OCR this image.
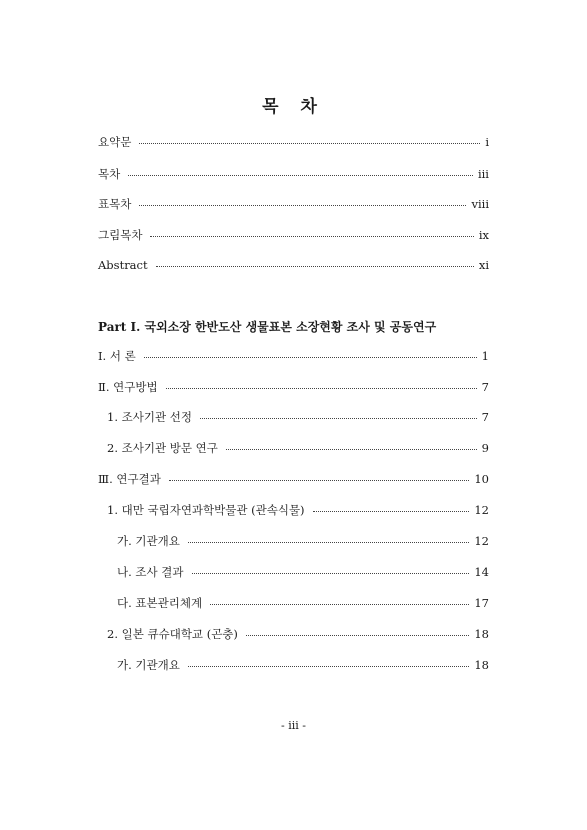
목 차
요약문	i
목차	iii
표목차	viii
그림목차	ix
Abstract	xi
Part Ⅰ. 국외소장 한반도산 생물표본 소장현황 조사 및 공동연구
Ⅰ. 서 론	1
Ⅱ. 연구방법	7
1. 조사기관 선정	7
2. 조사기관 방문 연구	9
Ⅲ. 연구결과	10
1. 대만 국립자연과학박물관 (관속식물)	12
가. 기관개요	12
나. 조사 결과	14
다. 표본관리체계	17
2. 일본 큐슈대학교 (곤충)	18
가. 기관개요	18
- iii -
